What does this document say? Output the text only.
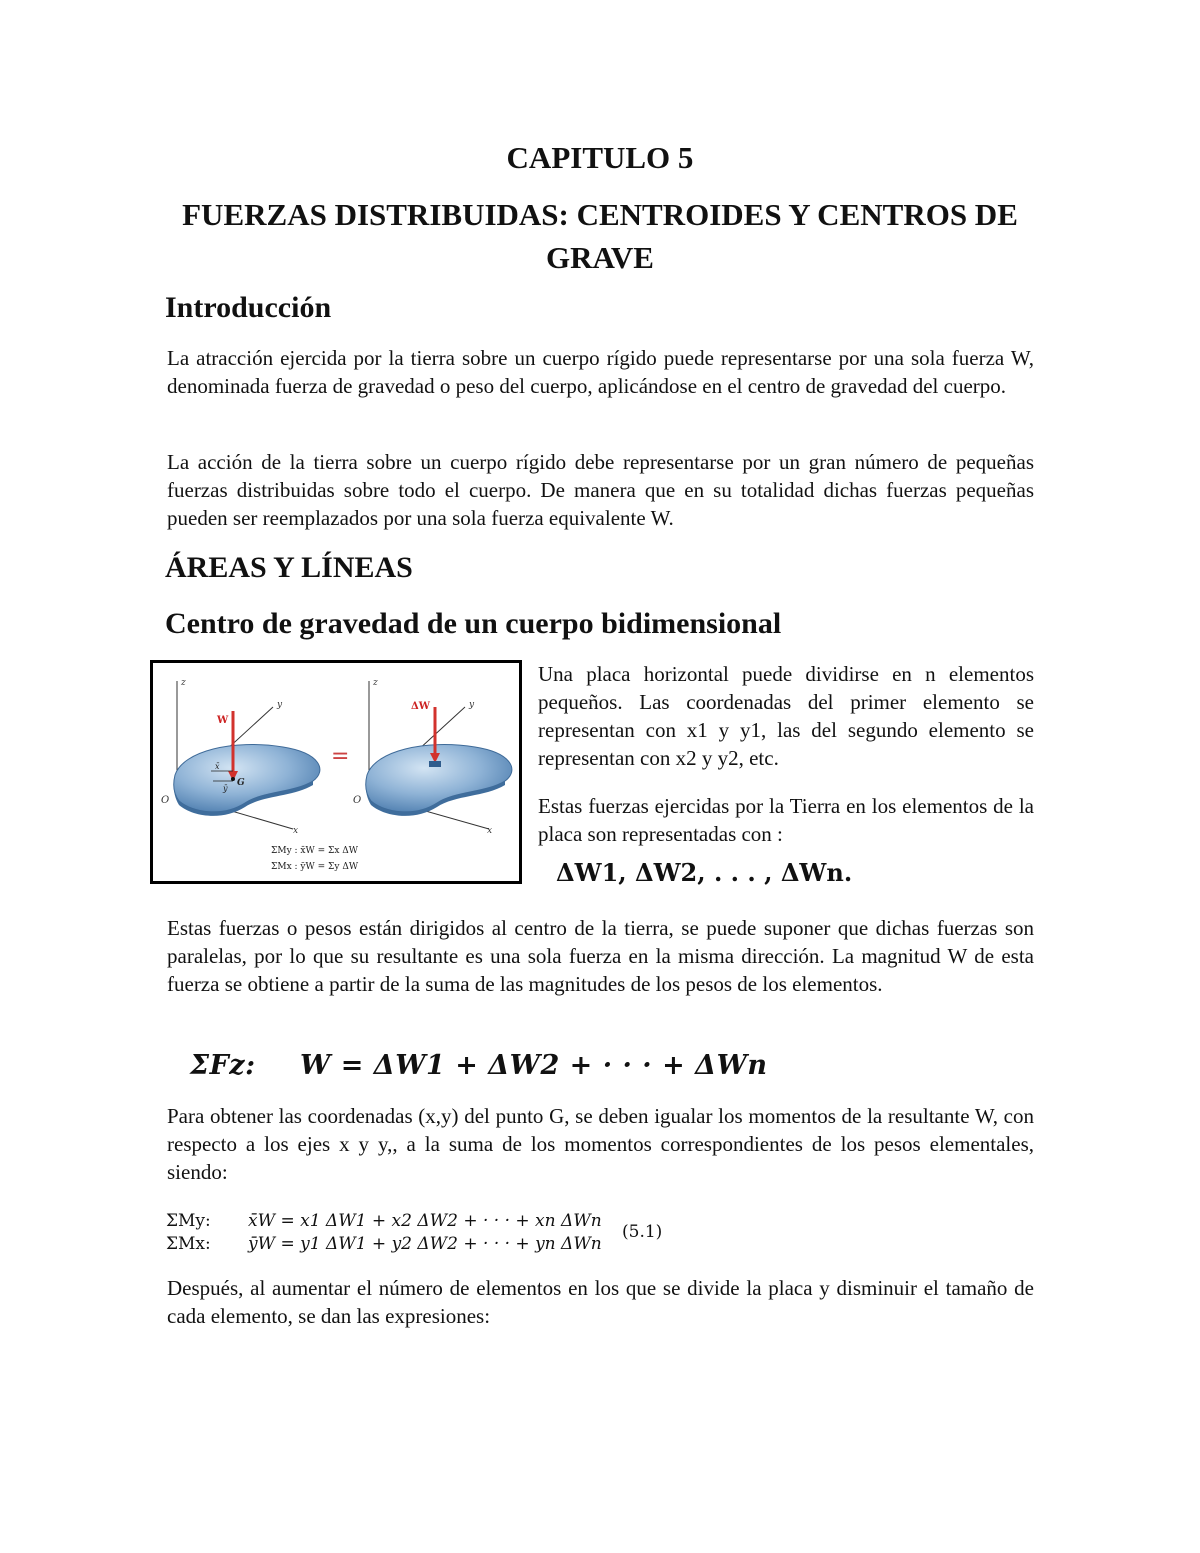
CAPITULO 5
FUERZAS DISTRIBUIDAS: CENTROIDES Y CENTROS DE
GRAVE
Introducción
La atracción ejercida por la tierra sobre un cuerpo rígido puede representarse por una sola fuerza W, denominada fuerza de gravedad o peso del cuerpo, aplicándose en el centro de gravedad del cuerpo.
La acción de la tierra sobre un cuerpo rígido debe representarse por un gran número de pequeñas fuerzas distribuidas sobre todo el cuerpo. De manera que en su totalidad dichas fuerzas pequeñas pueden ser reemplazados por una sola fuerza equivalente W.
ÁREAS Y LÍNEAS
Centro de gravedad de un cuerpo bidimensional
z
y
x
O
W
G
x̄
ȳ
=
z
y
x
O
ΔW
ΣMy : x̄W = Σx ΔW
ΣMx : ȳW = Σy ΔW
Una placa horizontal puede dividirse en n elementos pequeños. Las coordenadas del primer elemento se representan con x1 y y1, las del segundo elemento se representan con x2 y y2, etc.
Estas fuerzas ejercidas por la Tierra en los elementos de la placa son representadas con :
ΔW1, ΔW2, . . . , ΔWn.
Estas fuerzas o pesos están dirigidos al centro de la tierra, se puede suponer que dichas fuerzas son paralelas, por lo que su resultante es una sola fuerza en la misma dirección. La magnitud W de esta fuerza se obtiene a partir de la suma de las magnitudes de los pesos de los elementos.
ΣFz: W = ΔW1 + ΔW2 + · · · + ΔWn
Para obtener las coordenadas (x,y) del punto G, se deben igualar los momentos de la resultante W, con respecto a los ejes x y y,, a la suma de los momentos correspondientes de los pesos elementales, siendo:
ΣMy: x̄W = x1 ΔW1 + x2 ΔW2 + · · · + xn ΔWn
ΣMx: ȳW = y1 ΔW1 + y2 ΔW2 + · · · + yn ΔWn
(5.1)
Después, al aumentar el número de elementos en los que se divide la placa y disminuir el tamaño de cada elemento, se dan las expresiones:
